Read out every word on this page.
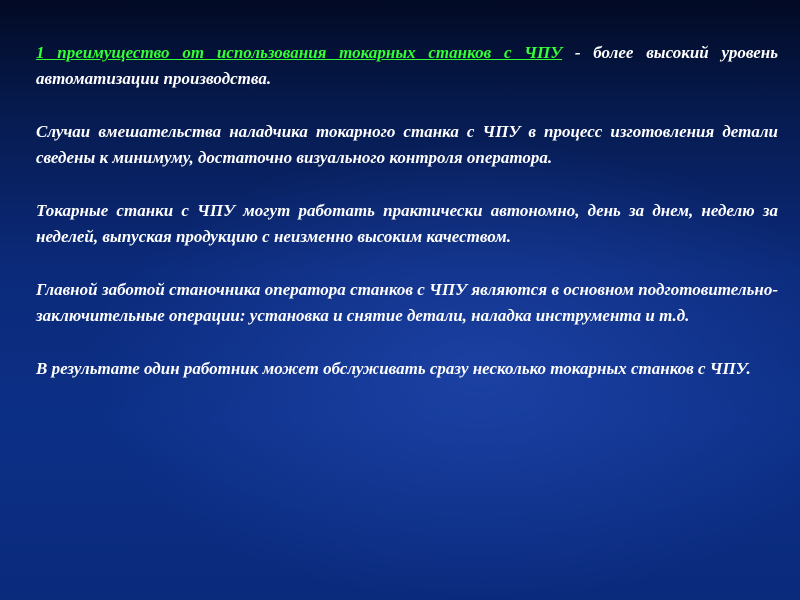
1 преимущество от использования токарных станков с ЧПУ - более высокий уровень автоматизации производства.

Случаи вмешательства наладчика токарного станка с ЧПУ в процесс изготовления детали сведены к минимуму, достаточно визуального контроля оператора.

Токарные станки с ЧПУ могут работать практически автономно, день за днем, неделю за неделей, выпуская продукцию с неизменно высоким качеством.

Главной заботой станочника оператора станков с ЧПУ являются в основном подготовительно-заключительные операции: установка и снятие детали, наладка инструмента и т.д.

В результате один работник может обслуживать сразу несколько токарных станков с ЧПУ.
